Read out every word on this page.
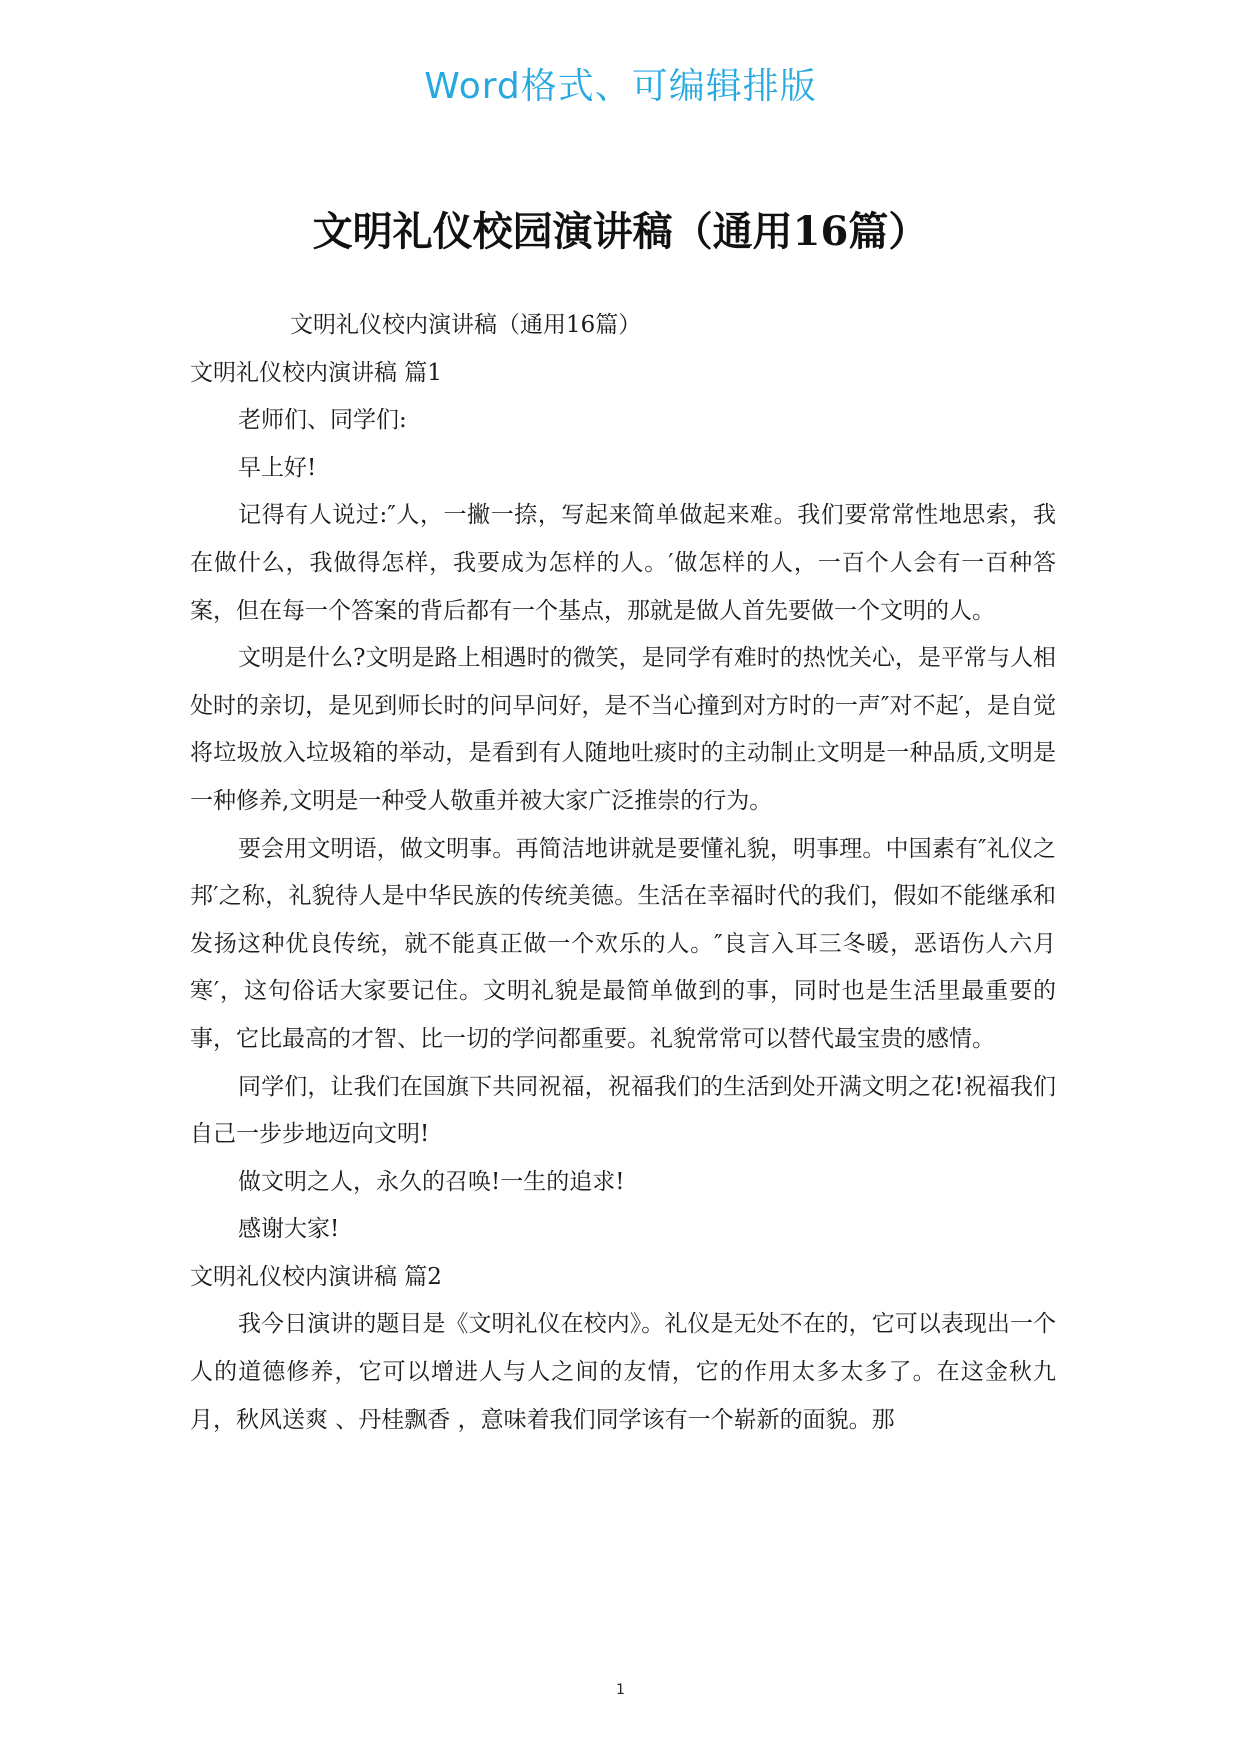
Word格式、可编辑排版
文明礼仪校园演讲稿（通用16篇）

文明礼仪校内演讲稿（通用16篇）

文明礼仪校内演讲稿 篇1

老师们、同学们:

早上好!

记得有人说过:″人，一撇一捺，写起来简单做起来难。我们要常常性地思索，我在做什么，我做得怎样，我要成为怎样的人。′做怎样的人，一百个人会有一百种答案，但在每一个答案的背后都有一个基点，那就是做人首先要做一个文明的人。

文明是什么?文明是路上相遇时的微笑，是同学有难时的热忱关心，是平常与人相处时的亲切，是见到师长时的问早问好，是不当心撞到对方时的一声″对不起′，是自觉将垃圾放入垃圾箱的举动，是看到有人随地吐痰时的主动制止文明是一种品质,文明是一种修养,文明是一种受人敬重并被大家广泛推崇的行为。

要会用文明语，做文明事。再简洁地讲就是要懂礼貌，明事理。中国素有″礼仪之邦′之称，礼貌待人是中华民族的传统美德。生活在幸福时代的我们，假如不能继承和发扬这种优良传统，就不能真正做一个欢乐的人。″良言入耳三冬暖，恶语伤人六月寒′，这句俗话大家要记住。文明礼貌是最简单做到的事，同时也是生活里最重要的事，它比最高的才智、比一切的学问都重要。礼貌常常可以替代最宝贵的感情。

同学们，让我们在国旗下共同祝福，祝福我们的生活到处开满文明之花!祝福我们自己一步步地迈向文明!

做文明之人，永久的召唤!一生的追求!

感谢大家!

文明礼仪校内演讲稿 篇2

我今日演讲的题目是《文明礼仪在校内》。礼仪是无处不在的，它可以表现出一个人的道德修养，它可以增进人与人之间的友情，它的作用太多太多了。在这金秋九月，秋风送爽 、丹桂飘香 ，意味着我们同学该有一个崭新的面貌。那

1
